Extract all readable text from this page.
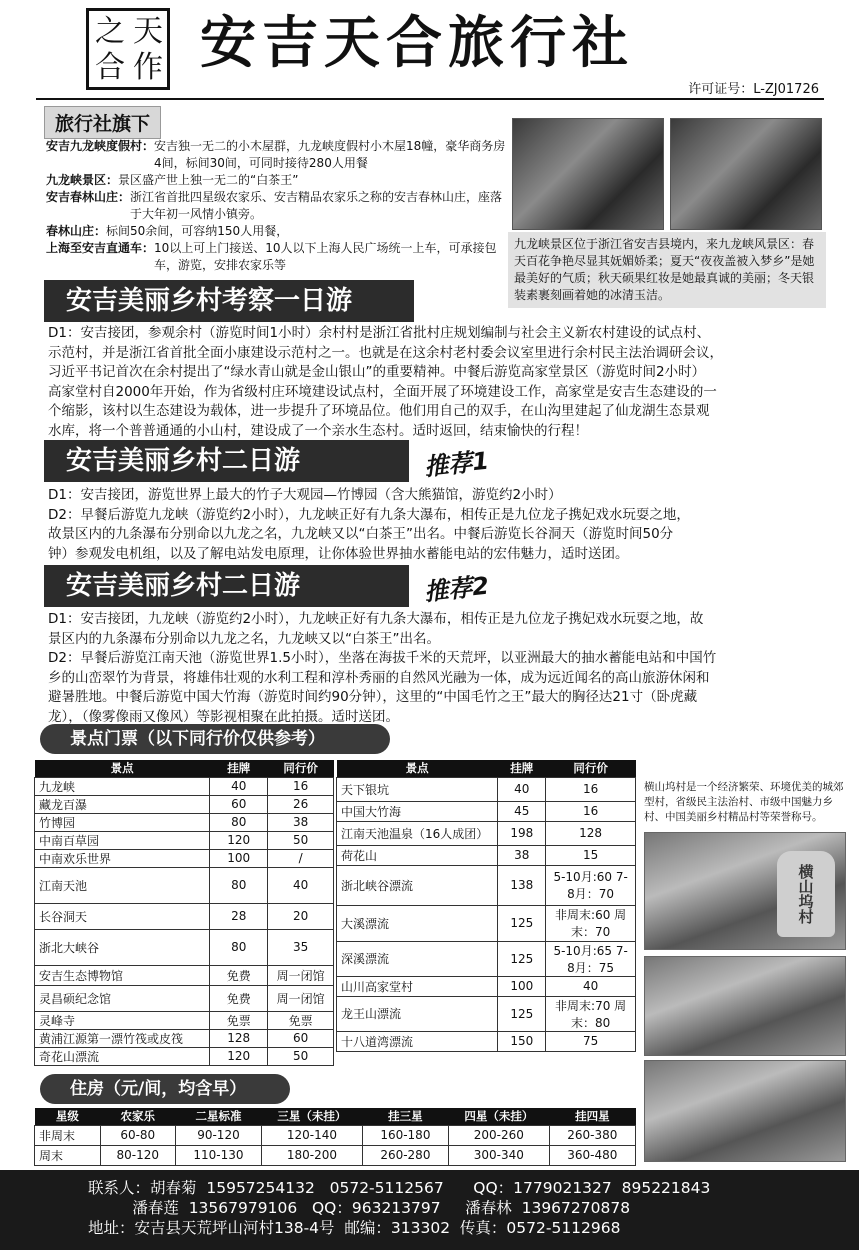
之 天
合 作 安吉天合旅行社
许可证号：L-ZJ01726
旅行社旗下
安吉九龙峡度假村： 安吉独一无二的小木屋群，九龙峡度假村小木屋18幢，豪华商务房4间，标间30间，可同时接待280人用餐
九龙峡景区： 景区盛产世上独一无二的“白茶王”
安吉春林山庄： 浙江省首批四星级农家乐、安吉精品农家乐之称的安吉春林山庄，座落于大年初一风情小镇旁。
春林山庄： 标间50余间，可容纳150人用餐，
上海至安吉直通车： 10以上可上门接送、10人以下上海人民广场统一上车，可承接包车，游览，安排农家乐等
九龙峡景区位于浙江省安吉县境内，来九龙峡风景区：春天百花争艳尽显其妩媚娇柔；夏天“夜夜盖被入梦乡”是她最美好的气质；秋天硕果红妆是她最真诚的美丽；冬天银装素裹刻画着她的冰清玉洁。
安吉美丽乡村考察一日游
D1：安吉接团，参观余村（游览时间1小时）余村村是浙江省批村庄规划编制与社会主义新农村建设的试点村、
示范村，并是浙江省首批全面小康建设示范村之一。也就是在这余村老村委会议室里进行余村民主法治调研会议，
习近平书记首次在余村提出了“绿水青山就是金山银山”的重要精神。中餐后游览高家堂景区（游览时间2小时）
高家堂村自2000年开始，作为省级村庄环境建设试点村，全面开展了环境建设工作，高家堂是安吉生态建设的一
个缩影，该村以生态建设为载体，进一步提升了环境品位。他们用自己的双手，在山沟里建起了仙龙湖生态景观
水库，将一个普普通通的小山村，建设成了一个亲水生态村。适时返回，结束愉快的行程！
安吉美丽乡村二日游	推荐1
D1：安吉接团，游览世界上最大的竹子大观园—竹博园（含大熊猫馆，游览约2小时）
D2：早餐后游览九龙峡（游览约2小时），九龙峡正好有九条大瀑布，相传正是九位龙子携妃戏水玩耍之地，
故景区内的九条瀑布分别命以九龙之名，九龙峡又以“白茶王”出名。中餐后游览长谷洞天（游览时间50分
钟）参观发电机组，以及了解电站发电原理，让你体验世界抽水蓄能电站的宏伟魅力，适时送团。
安吉美丽乡村二日游	推荐2
D1：安吉接团，九龙峡（游览约2小时），九龙峡正好有九条大瀑布，相传正是九位龙子携妃戏水玩耍之地，故
景区内的九条瀑布分别命以九龙之名，九龙峡又以“白茶王”出名。
D2：早餐后游览江南天池（游览世界1.5小时），坐落在海拔千米的天荒坪，以亚洲最大的抽水蓄能电站和中国竹
乡的山峦翠竹为背景，将雄伟壮观的水利工程和淳朴秀丽的自然风光融为一体，成为远近闻名的高山旅游休闲和
避暑胜地。中餐后游览中国大竹海（游览时间约90分钟），这里的“中国毛竹之王”最大的胸径达21寸（卧虎藏
龙），（像雾像雨又像风）等影视相聚在此拍摄。适时送团。
景点门票（以下同行价仅供参考）
景点	挂牌	同行价
九龙峡	40	16
藏龙百瀑	60	26
竹博园	80	38
中南百草园	120	50
中南欢乐世界	100	/
江南天池	80	40
长谷洞天	28	20
浙北大峡谷	80	35
安吉生态博物馆	免费	周一闭馆
灵昌硕纪念馆	免费	周一闭馆
灵峰寺	免票	免票
黄浦江源第一漂竹筏或皮筏	128	60
奇花山漂流	120	50
景点	挂牌	同行价
天下银坑	40	16
中国大竹海	45	16
江南天池温泉（16人成团）	198	128
荷花山	38	15
浙北峡谷漂流	138	5-10月:60 7-8月：70
大溪漂流	125	非周末:60 周末：70
深溪漂流	125	5-10月:65 7-8月：75
山川高家堂村	100	40
龙王山漂流	125	非周末:70 周末：80
十八道湾漂流	150	75
横山坞村是一个经济繁荣、环境优美的城郊型村，省级民主法治村、市级中国魅力乡村、中国美丽乡村精品村等荣誉称号。
横山坞村
住房（元/间，均含早）
星级	农家乐	二星标准	三星（未挂）	挂三星	四星（未挂）	挂四星
非周末	60-80	90-120	120-140	160-180	200-260	260-380
周末	80-120	110-130	180-200	260-280	300-340	360-480
联系人：胡春菊  15957254132   0572-5112567      QQ：1779021327  895221843
潘春莲  13567979106   QQ：963213797     潘春林  13967270878
地址：安吉县天荒坪山河村138-4号  邮编：313302  传真：0572-5112968
